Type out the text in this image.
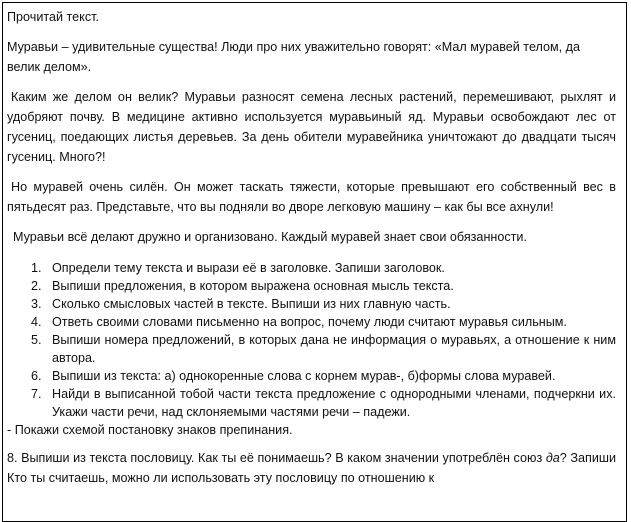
Прочитай текст.

Муравьи – удивительные существа! Люди про них уважительно говорят: «Мал муравей телом, да велик делом».

Каким же делом он велик? Муравьи разносят семена лесных растений, перемешивают, рыхлят и удобряют почву. В медицине активно используется муравьиный яд. Муравьи освобождают лес от гусениц, поедающих листья деревьев. За день обители муравейника уничтожают до двадцати тысяч гусениц. Много?!

Но муравей очень силён. Он может таскать тяжести, которые превышают его собственный вес в пятьдесят раз. Представьте, что вы подняли во дворе легковую машину – как бы все ахнули!

Муравьи всё делают дружно и организовано. Каждый муравей знает свои обязанности.

1. Определи тему текста и вырази её в заголовке. Запиши заголовок.
2. Выпиши предложения, в котором выражена основная мысль текста.
3. Сколько смысловых частей в тексте. Выпиши из них главную часть.
4. Ответь своими словами письменно на вопрос, почему люди считают муравья сильным.
5. Выпиши номера предложений, в которых дана не информация о муравьях, а отношение к ним автора.
6. Выпиши из текста: а) однокоренные слова с корнем мурав-, б)формы слова муравей.
7. Найди в выписанной тобой части текста предложение с однородными членами, подчеркни их. Укажи части речи, над склоняемыми частями речи – падежи.

- Покажи схемой постановку знаков препинания.

8. Выпиши из текста пословицу. Как ты её понимаешь? В каком значении употреблён союз да? Запиши Кто ты считаешь, можно ли использовать эту пословицу по отношению к
